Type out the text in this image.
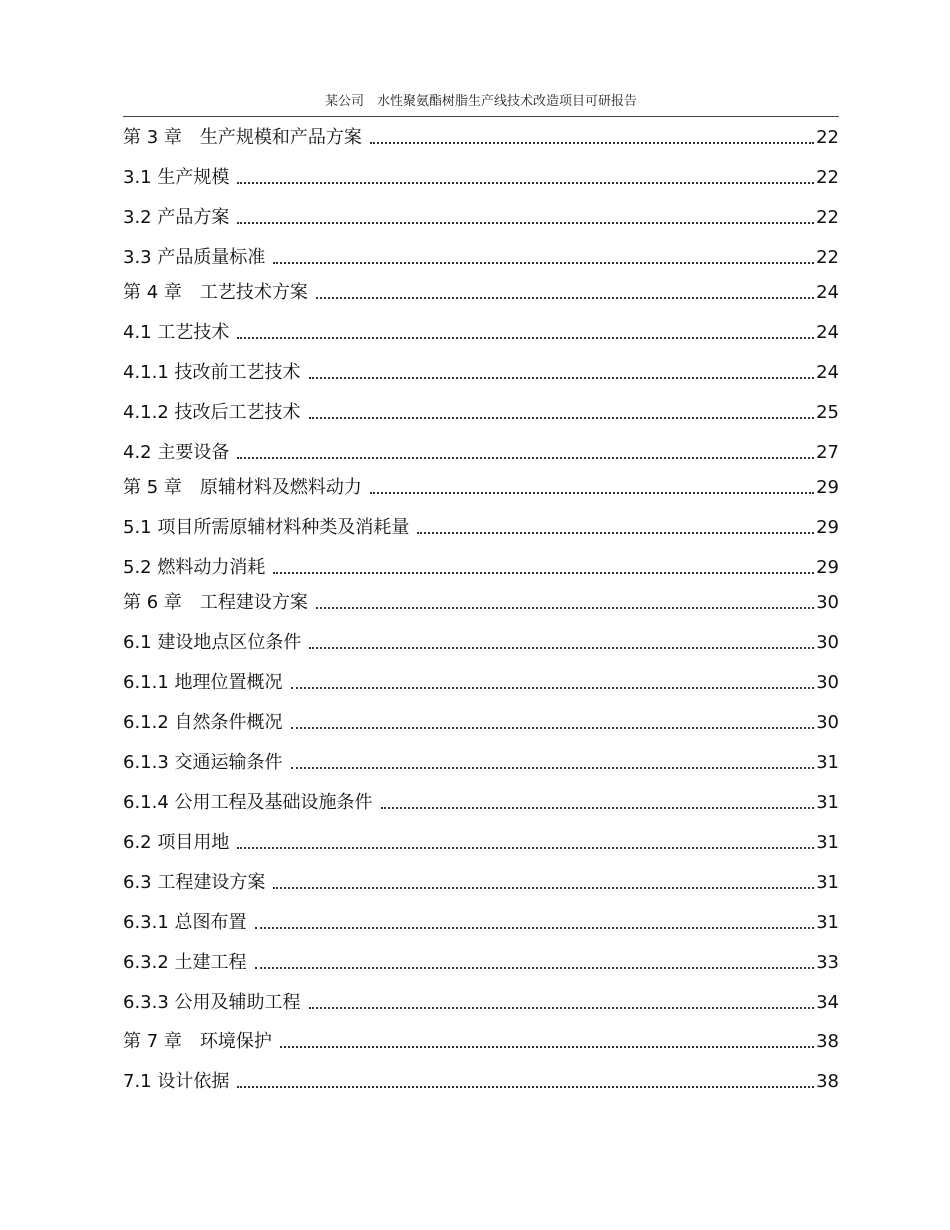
某公司　水性聚氨酯树脂生产线技术改造项目可研报告
第 3 章　 生产规模和产品方案	22
3.1 生产规模	22
3.2 产品方案	22
3.3 产品质量标准	22
第 4 章　 工艺技术方案	24
4.1 工艺技术	24
4.1.1 技改前工艺技术	24
4.1.2 技改后工艺技术	25
4.2 主要设备	27
第 5 章　 原辅材料及燃料动力	29
5.1 项目所需原辅材料种类及消耗量	29
5.2 燃料动力消耗	29
第 6 章　 工程建设方案	30
6.1 建设地点区位条件	30
6.1.1 地理位置概况	30
6.1.2 自然条件概况	30
6.1.3 交通运输条件	31
6.1.4 公用工程及基础设施条件	31
6.2 项目用地	31
6.3 工程建设方案	31
6.3.1 总图布置	31
6.3.2 土建工程	33
6.3.3 公用及辅助工程	34
第 7 章　 环境保护	38
7.1 设计依据	38
